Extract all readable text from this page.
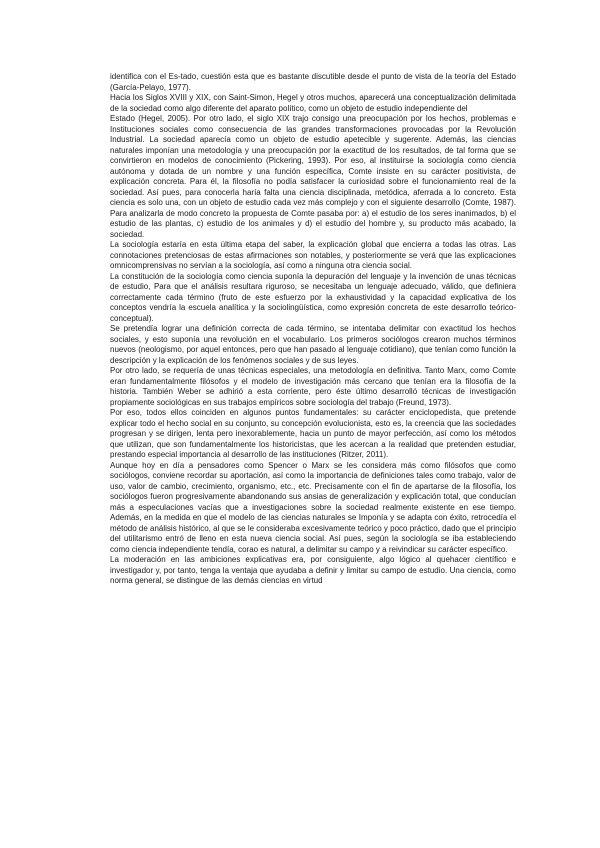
identifica con el Es-tado, cuestión esta que es bastante discutible desde el punto de vista de la teoría del Estado (García-Pelayo, 1977).

Hacia los Siglos XVIII y XIX, con Saint-Simon, Hegel y otros muchos, aparecerá una conceptualización delimitada de la sociedad como algo diferente del aparato político, como un objeto de estudio independiente del

Estado (Hegel, 2005). Por otro lado, el siglo XIX trajo consigo una preocupación por los hechos, problemas e Instituciones sociales como consecuencia de las grandes transformaciones provocadas por la Revolución Industrial. La sociedad aparecía como un objeto de estudio apetecible y sugerente. Además, las ciencias naturales imponían una metodología y una preocupación por la exactitud de los resultados, de tal forma que se convirtieron en modelos de conocimiento (Pickering, 1993). Por eso, al instituirse la sociología como ciencia autónoma y dotada de un nombre y una función específica, Comte insiste en su carácter positivista, de explicación concreta. Para él, la filosofía no podía satisfacer la curiosidad sobre el funcionamiento real de la sociedad. Así pues, para conocerla haría falta una ciencia disciplinada, metódica, aferrada a lo concreto. Esta ciencia es solo una, con un objeto de estudio cada vez más complejo y con el siguiente desarrollo (Comte, 1987). Para analizarla de modo concreto la propuesta de Comte pasaba por: a) el estudio de los seres inanimados, b) el estudio de las plantas, c) estudio de los animales y d) el estudio del hombre y, su producto más acabado, la sociedad.

La sociología estaría en esta última etapa del saber, la explicación global que encierra a todas las otras. Las connotaciones pretenciosas de estas afirmaciones son notables, y posteriormente se verá que las explicaciones omnicomprensivas no servían a la sociología, así como a ninguna otra ciencia social.

La constitución de la sociología como ciencia suponía la depuración del lenguaje y la invención de unas técnicas de estudio, Para que el análisis resultara riguroso, se necesitaba un lenguaje adecuado, válido, que definiera correctamente cada término (fruto de este esfuerzo por la exhaustividad y la capacidad explicativa de los conceptos vendría la escuela analítica y la sociolingüística, como expresión concreta de este desarrollo teórico-conceptual).

Se pretendía lograr una definición correcta de cada término, se intentaba delimitar con exactitud los hechos sociales, y esto suponía una revolución en el vocabulario. Los primeros sociólogos crearon muchos términos nuevos (neologismo, por aquel entonces, pero que han pasado al lenguaje cotidiano), que tenían como función la descripción y la explicación de los fenómenos sociales y de sus leyes.

Por otro lado, se requería de unas técnicas especiales, una metodología en definitiva. Tanto Marx, como Comte eran fundamentalmente filósofos y el modelo de investigación más cercano que tenían era la filosofía de la historia. También Weber se adhirió a esta corriente, pero éste último desarrolló técnicas de investigación propiamente sociológicas en sus trabajos empíricos sobre sociología del trabajo (Freund, 1973).

Por eso, todos ellos coinciden en algunos puntos fundamentales: su carácter enciclopedista, que pretende explicar todo el hecho social en su conjunto, su concepción evolucionista, esto es, la creencia que las sociedades progresan y se dirigen, lenta pero inexorablemente, hacia un punto de mayor perfección, así como los métodos que utilizan, que son fundamentalmente los historicistas, que les acercan a la realidad que pretenden estudiar, prestando especial importancia al desarrollo de las instituciones (Ritzer, 2011).

Aunque hoy en día a pensadores como Spencer o Marx se les considera más como filósofos que como sociólogos, conviene recordar su aportación, así como la importancia de definiciones tales como trabajo, valor de uso, valor de cambio, crecimiento, organismo, etc., etc. Precisamente con el fin de apartarse de la filosofía, los sociólogos fueron progresivamente abandonando sus ansias de generalización y explicación total, que conducían más a especulaciones vacías que a investigaciones sobre la sociedad realmente existente en ese tiempo. Además, en la medida en que el modelo de las ciencias naturales se Imponía y se adapta con éxito, retrocedía el método de análisis histórico, al que se le consideraba excesivamente teórico y poco práctico, dado que el principio del utilitarismo entró de lleno en esta nueva ciencia social. Así pues, según la sociología se iba estableciendo como ciencia independiente tendía, corao es natural, a delimitar su campo y a reivindicar su carácter específico.

La moderación en las ambiciones explicativas era, por consiguiente, algo lógico al quehacer científico e investigador y, por tanto, tenga la ventaja que ayudaba a definir y limitar su campo de estudio. Una ciencia, como norma general, se distingue de las demás ciencias en virtud
